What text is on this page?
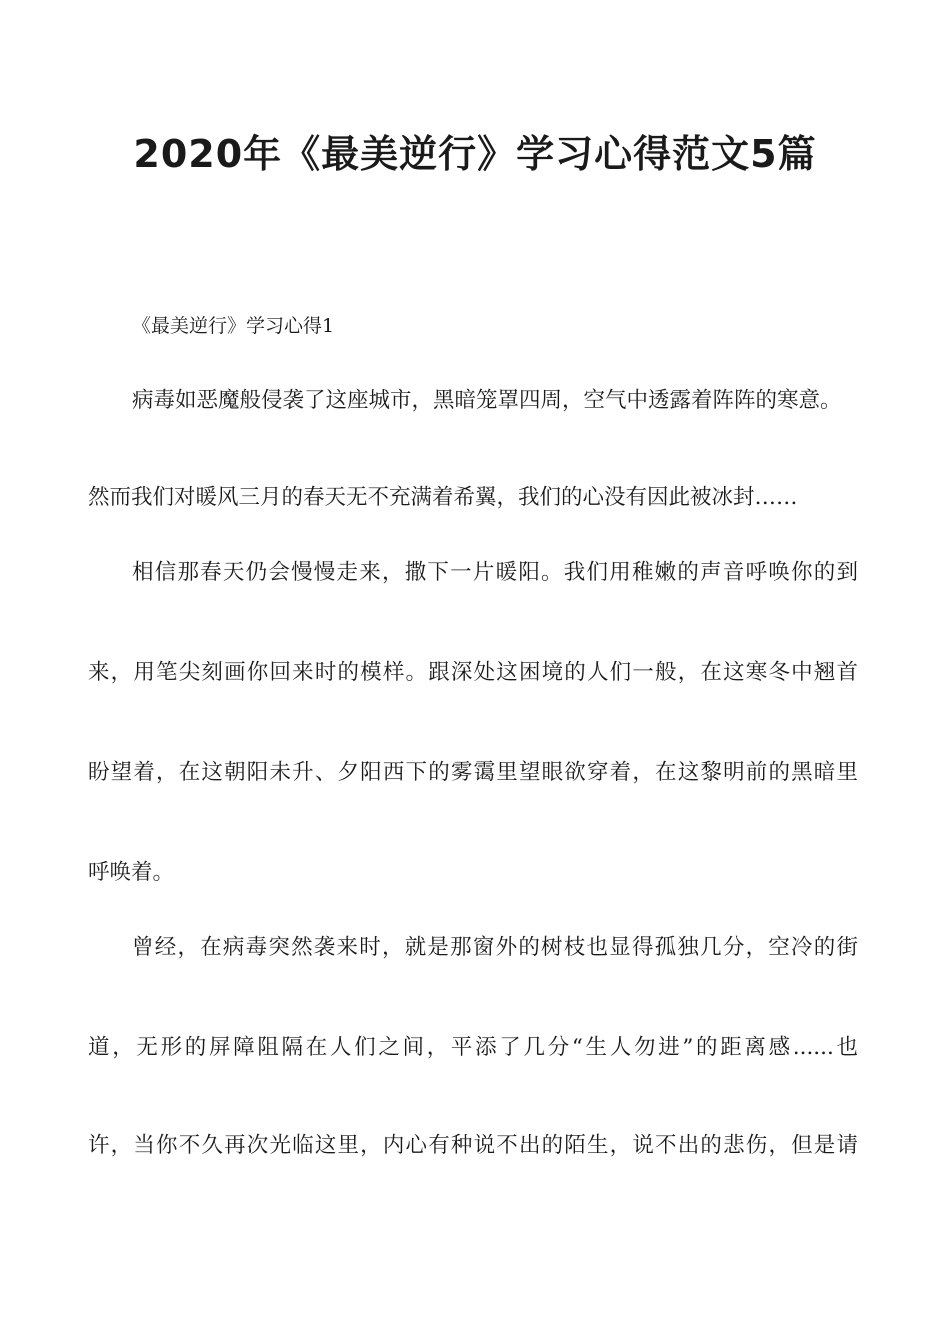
2020年《最美逆行》学习心得范文5篇
《最美逆行》学习心得1
病毒如恶魔般侵袭了这座城市，黑暗笼罩四周，空气中透露着阵阵的寒意。
然而我们对暖风三月的春天无不充满着希翼，我们的心没有因此被冰封……
相信那春天仍会慢慢走来，撒下一片暖阳。我们用稚嫩的声音呼唤你的到
来，用笔尖刻画你回来时的模样。跟深处这困境的人们一般，在这寒冬中翘首
盼望着，在这朝阳未升、夕阳西下的雾霭里望眼欲穿着，在这黎明前的黑暗里
呼唤着。
曾经，在病毒突然袭来时，就是那窗外的树枝也显得孤独几分，空冷的街
道，无形的屏障阻隔在人们之间，平添了几分“生人勿进”的距离感......也
许，当你不久再次光临这里，内心有种说不出的陌生，说不出的悲伤，但是请
